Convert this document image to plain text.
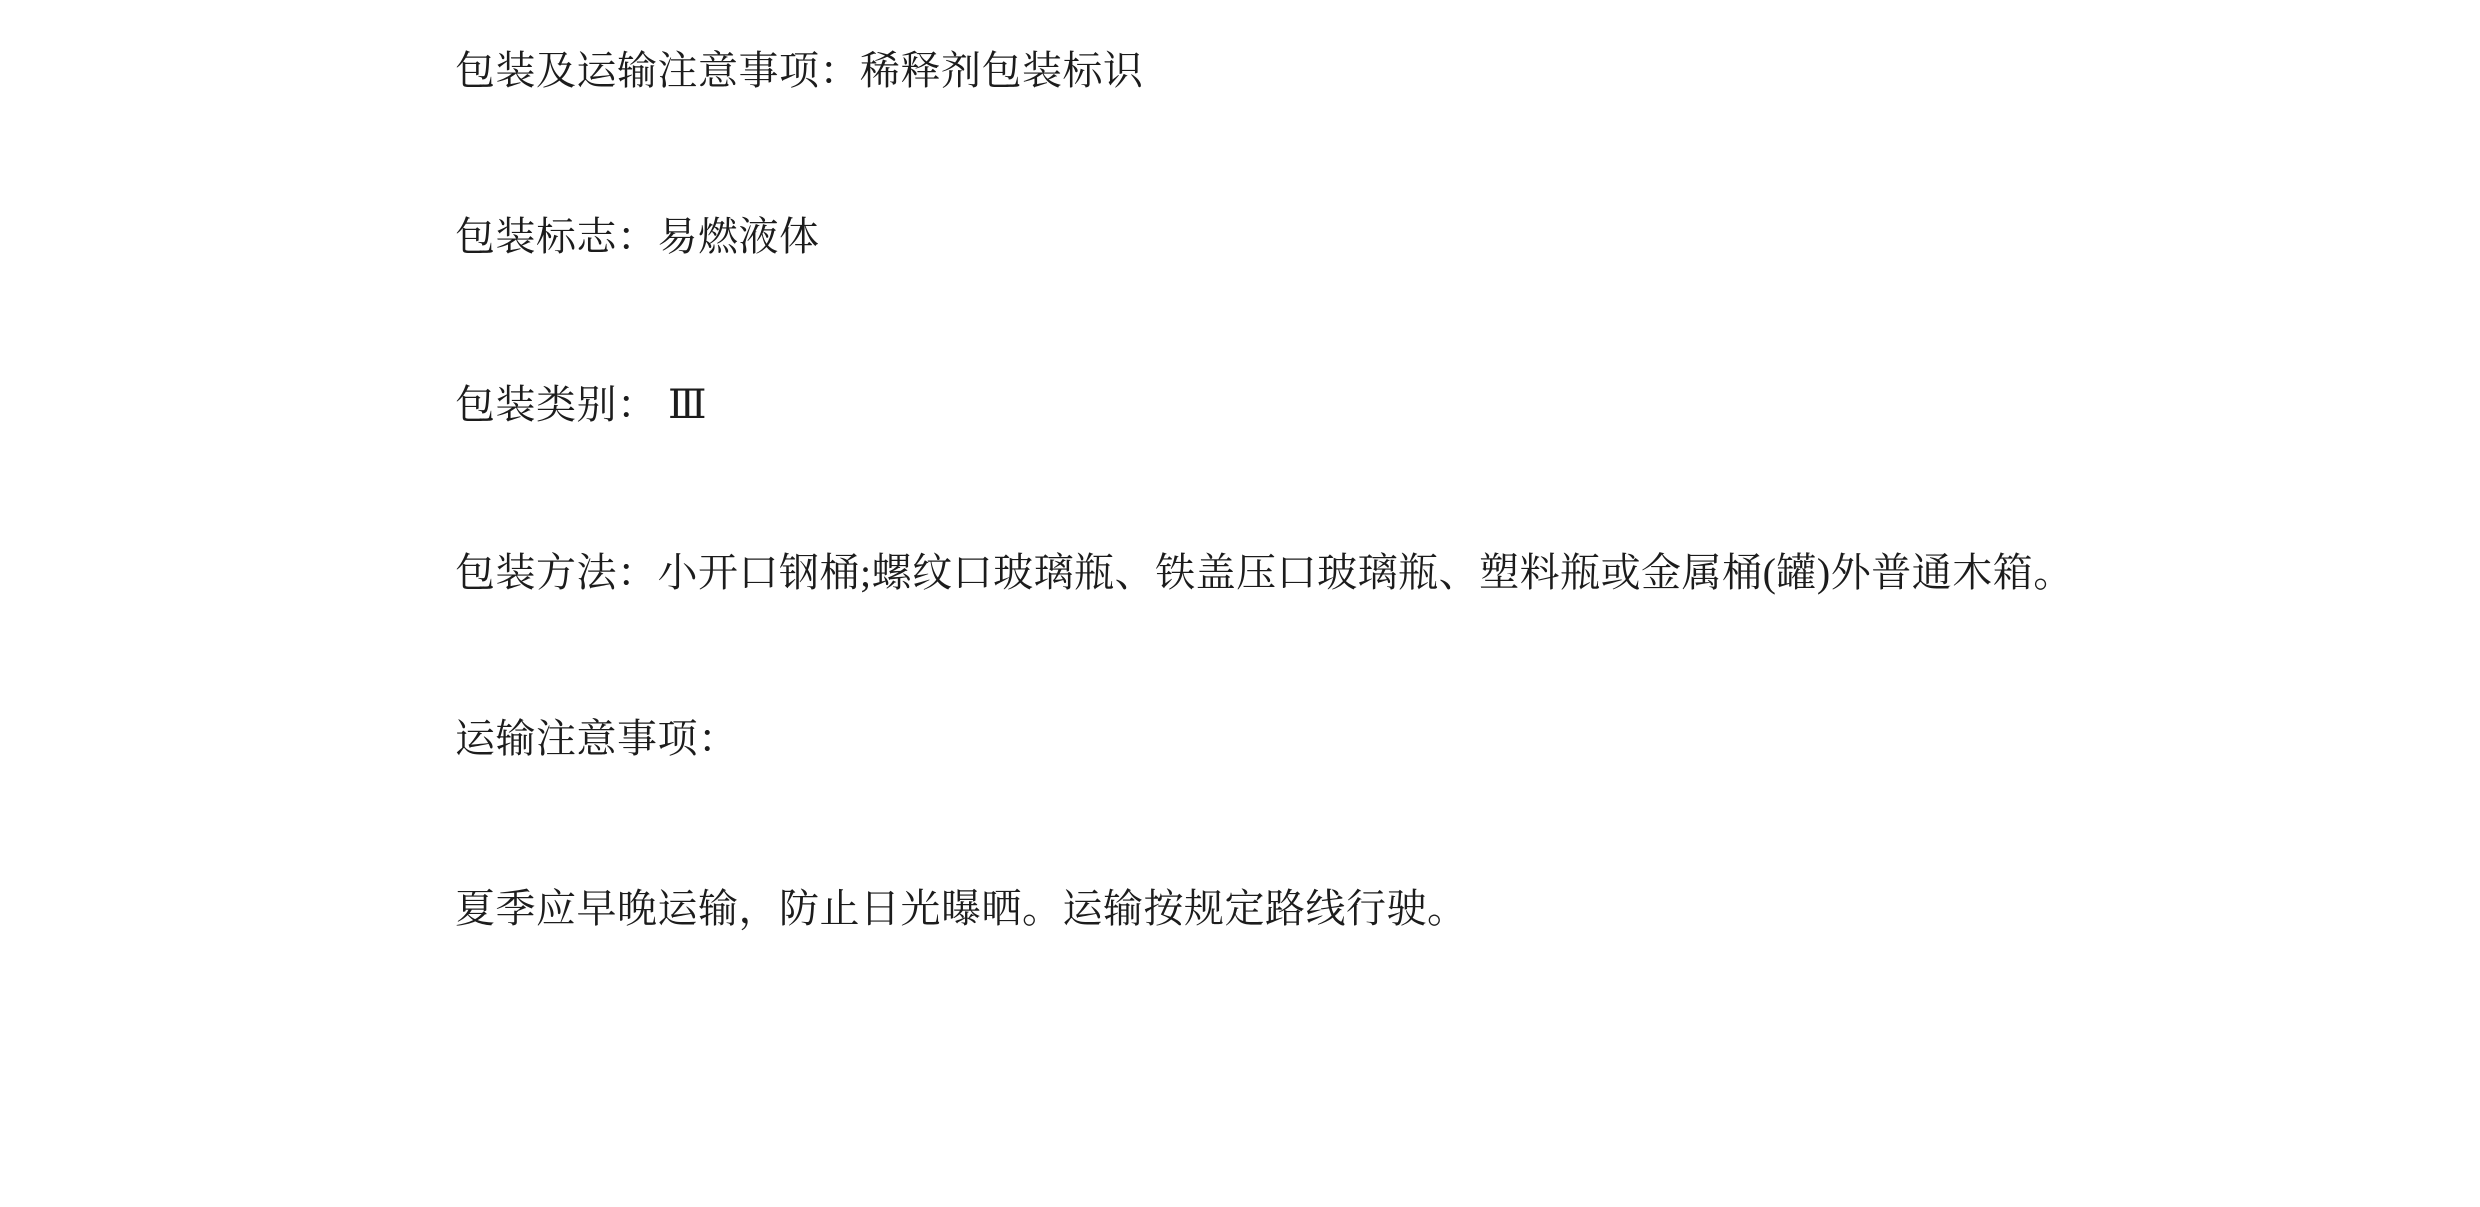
包装及运输注意事项：稀释剂包装标识

包装标志：易燃液体

包装类别： Ⅲ

包装方法：小开口钢桶;螺纹口玻璃瓶、铁盖压口玻璃瓶、塑料瓶或金属桶(罐)外普通木箱。

运输注意事项：

夏季应早晚运输，防止日光曝晒。运输按规定路线行驶。
